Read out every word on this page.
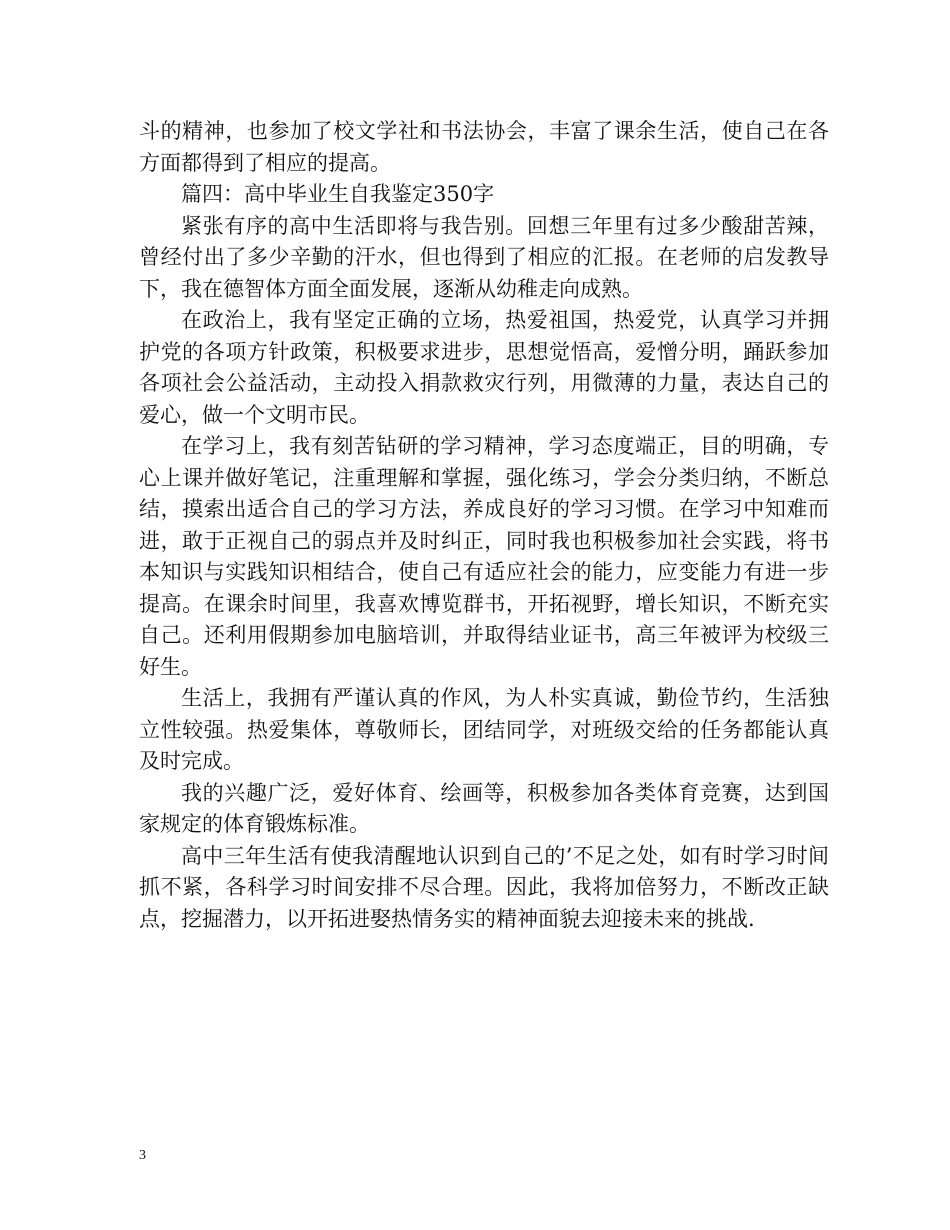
斗的精神，也参加了校文学社和书法协会，丰富了课余生活，使自己在各方面都得到了相应的提高。

篇四：高中毕业生自我鉴定350字

紧张有序的高中生活即将与我告别。回想三年里有过多少酸甜苦辣，曾经付出了多少辛勤的汗水，但也得到了相应的汇报。在老师的启发教导下，我在德智体方面全面发展，逐渐从幼稚走向成熟。

在政治上，我有坚定正确的立场，热爱祖国，热爱党，认真学习并拥护党的各项方针政策，积极要求进步，思想觉悟高，爱憎分明，踊跃参加各项社会公益活动，主动投入捐款救灾行列，用微薄的力量，表达自己的爱心，做一个文明市民。

在学习上，我有刻苦钻研的学习精神，学习态度端正，目的明确，专心上课并做好笔记，注重理解和掌握，强化练习，学会分类归纳，不断总结，摸索出适合自己的学习方法，养成良好的学习习惯。在学习中知难而进，敢于正视自己的弱点并及时纠正，同时我也积极参加社会实践，将书本知识与实践知识相结合，使自己有适应社会的能力，应变能力有进一步提高。在课余时间里，我喜欢博览群书，开拓视野，增长知识，不断充实自己。还利用假期参加电脑培训，并取得结业证书，高三年被评为校级三好生。

生活上，我拥有严谨认真的作风，为人朴实真诚，勤俭节约，生活独立性较强。热爱集体，尊敬师长，团结同学，对班级交给的任务都能认真及时完成。

我的兴趣广泛，爱好体育、绘画等，积极参加各类体育竞赛，达到国家规定的体育锻炼标准。

高中三年生活有使我清醒地认识到自己的’不足之处，如有时学习时间抓不紧，各科学习时间安排不尽合理。因此，我将加倍努力，不断改正缺点，挖掘潜力，以开拓进娶热情务实的精神面貌去迎接未来的挑战.

3
